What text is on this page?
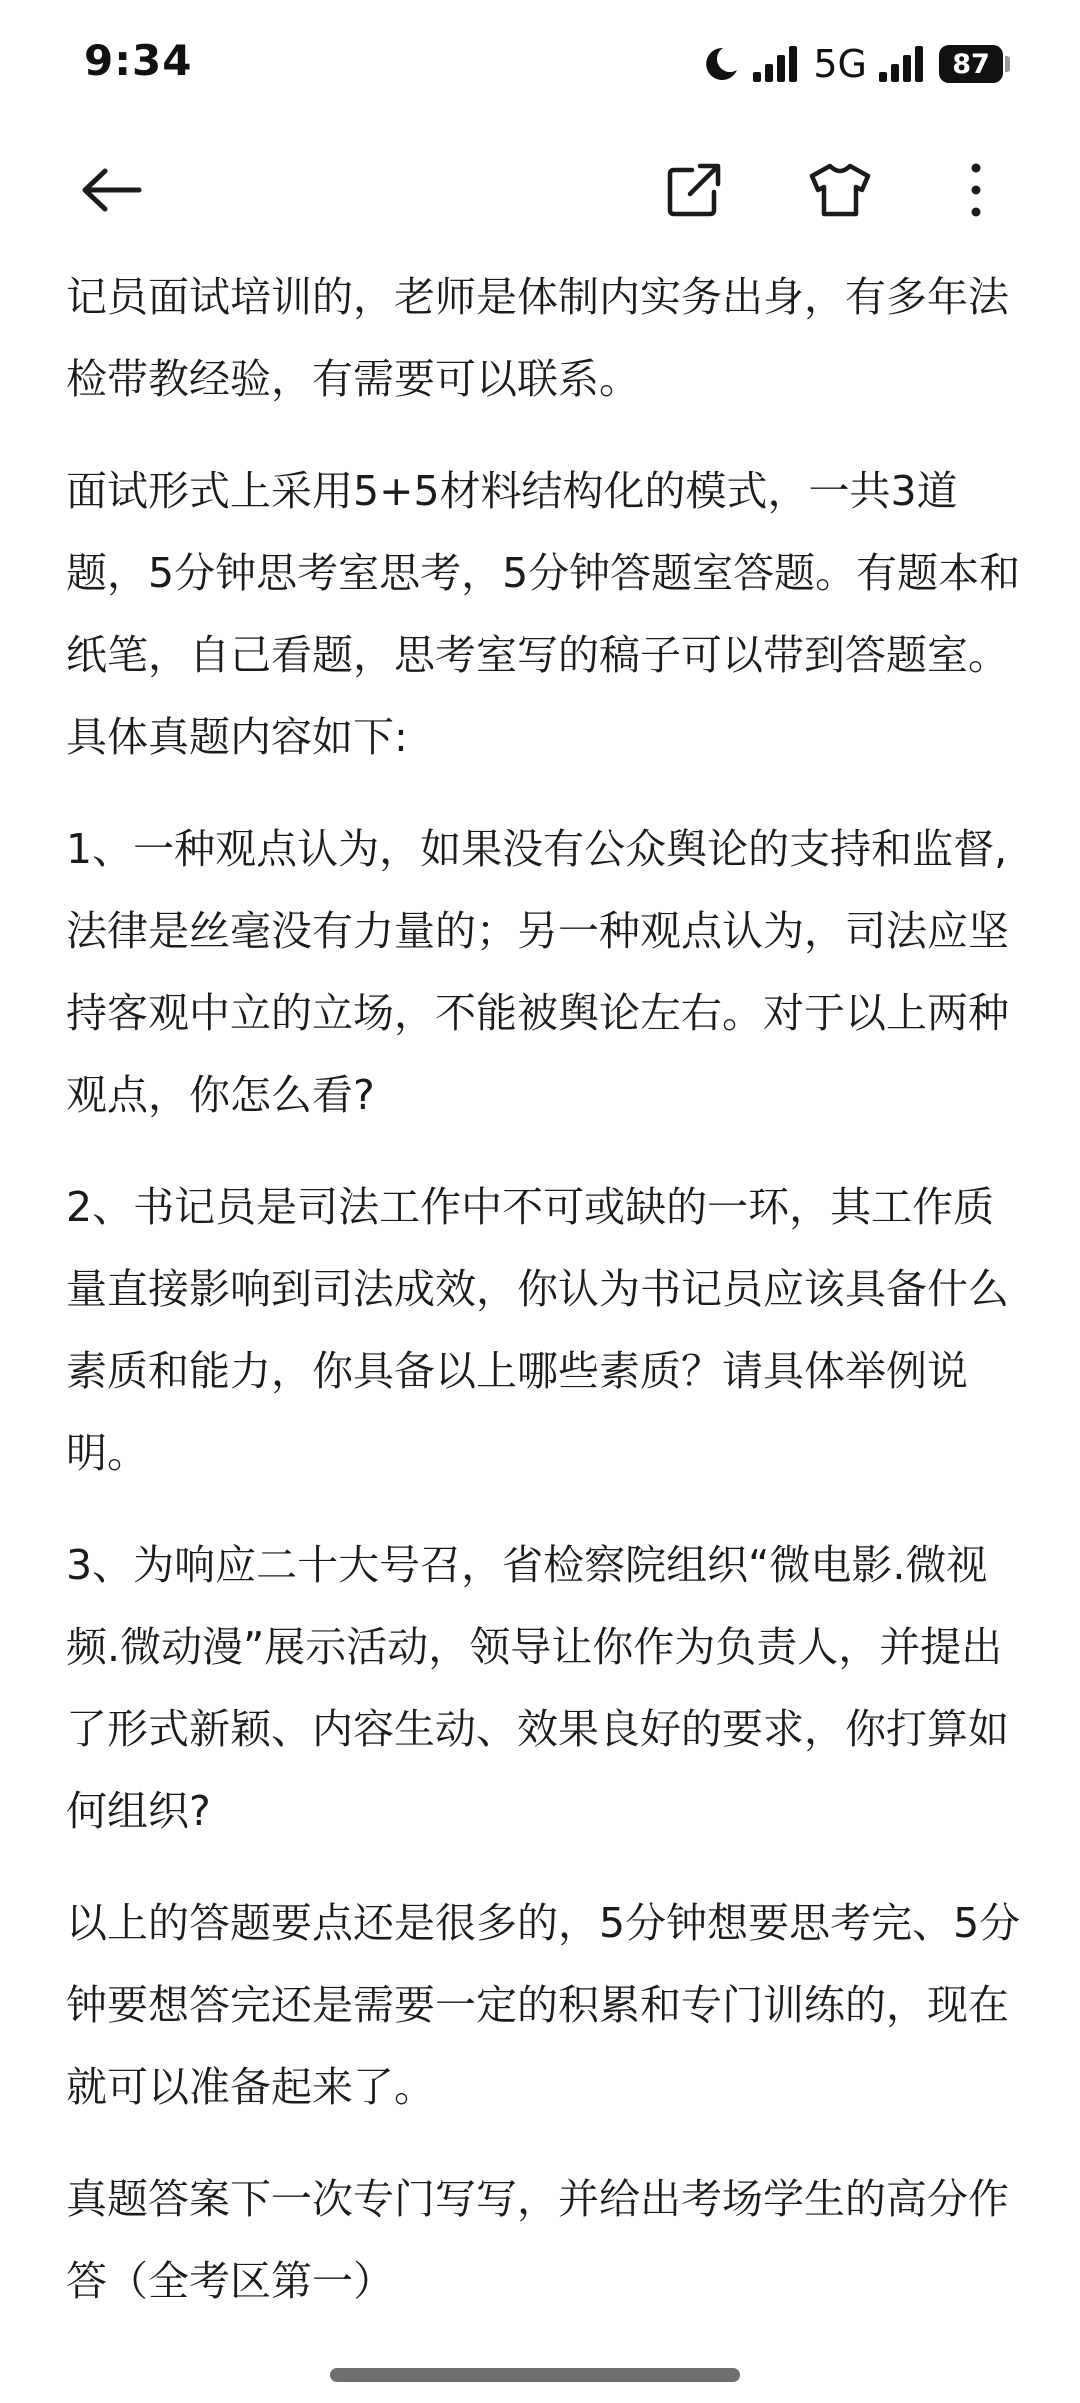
9:34	5G	87

记员面试培训的，老师是体制内实务出身，有多年法检带教经验，有需要可以联系。

面试形式上采用5+5材料结构化的模式，一共3道题，5分钟思考室思考，5分钟答题室答题。有题本和纸笔，自己看题，思考室写的稿子可以带到答题室。具体真题内容如下:

1、一种观点认为，如果没有公众舆论的支持和监督,法律是丝毫没有力量的；另一种观点认为，司法应坚持客观中立的立场，不能被舆论左右。对于以上两种观点，你怎么看?

2、书记员是司法工作中不可或缺的一环，其工作质量直接影响到司法成效，你认为书记员应该具备什么素质和能力，你具备以上哪些素质？请具体举例说明。

3、为响应二十大号召，省检察院组织“微电影.微视频.微动漫”展示活动，领导让你作为负责人，并提出了形式新颖、内容生动、效果良好的要求，你打算如何组织?

以上的答题要点还是很多的，5分钟想要思考完、5分钟要想答完还是需要一定的积累和专门训练的，现在就可以准备起来了。

真题答案下一次专门写写，并给出考场学生的高分作答（全考区第一）
